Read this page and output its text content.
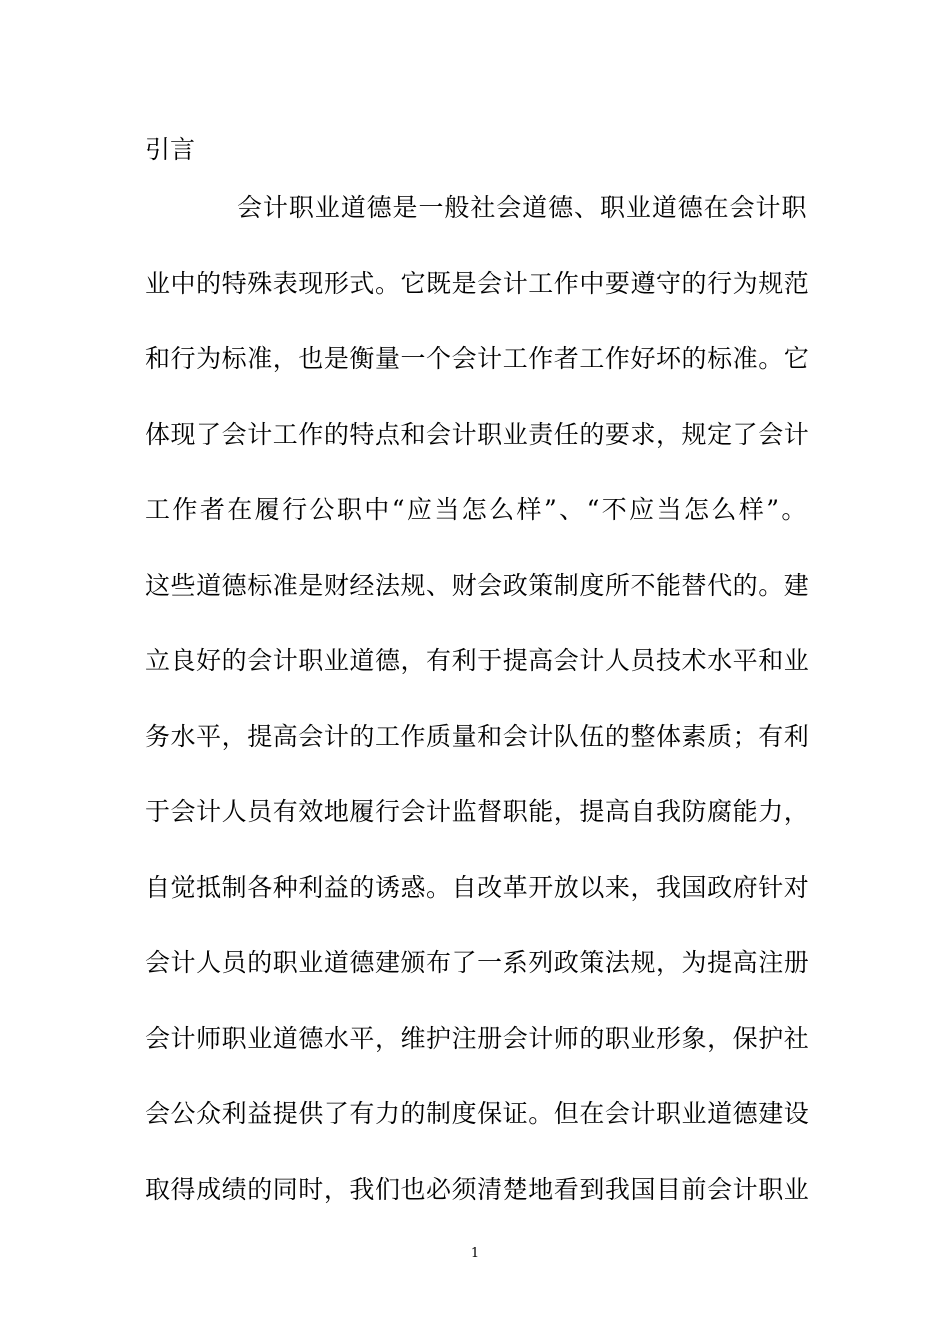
引言
会计职业道德是一般社会道德、职业道德在会计职
业中的特殊表现形式。它既是会计工作中要遵守的行为规范
和行为标准，也是衡量一个会计工作者工作好坏的标准。它
体现了会计工作的特点和会计职业责任的要求，规定了会计
工作者在履行公职中“应当怎么样”、“不应当怎么样”。
这些道德标准是财经法规、财会政策制度所不能替代的。建
立良好的会计职业道德，有利于提高会计人员技术水平和业
务水平，提高会计的工作质量和会计队伍的整体素质；有利
于会计人员有效地履行会计监督职能，提高自我防腐能力，
自觉抵制各种利益的诱惑。自改革开放以来，我国政府针对
会计人员的职业道德建颁布了一系列政策法规，为提高注册
会计师职业道德水平，维护注册会计师的职业形象，保护社
会公众利益提供了有力的制度保证。但在会计职业道德建设
取得成绩的同时，我们也必须清楚地看到我国目前会计职业
1
